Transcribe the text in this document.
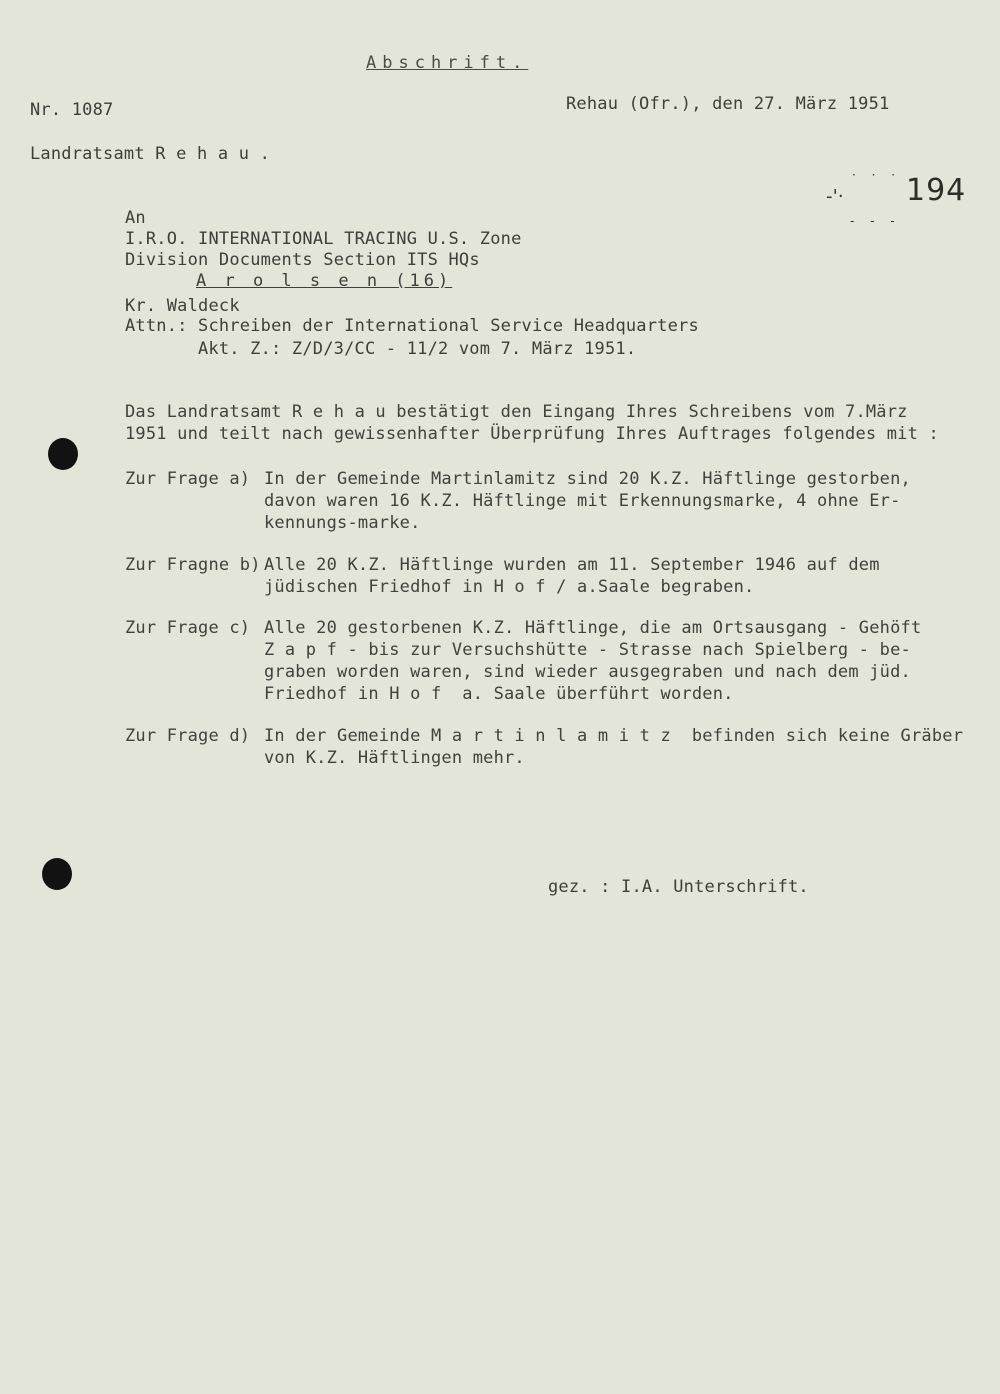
Abschrift.
Nr. 1087	Rehau (Ofr.), den 27. März 1951
Landratsamt R e h a u .
-'·
· · ·
- - -
194
An
I.R.O. INTERNATIONAL TRACING U.S. Zone
Division Documents Section ITS HQs
A r o l s e n (16)
Kr. Waldeck
Attn.: Schreiben der International Service Headquarters
Akt. Z.: Z/D/3/CC - 11/2 vom 7. März 1951.
Das Landratsamt R e h a u bestätigt den Eingang Ihres Schreibens vom 7.März
1951 und teilt nach gewissenhafter Überprüfung Ihres Auftrages folgendes mit :
Zur Frage a) In der Gemeinde Martinlamitz sind 20 K.Z. Häftlinge gestorben,
davon waren 16 K.Z. Häftlinge mit Erkennungsmarke, 4 ohne Er-
kennungs-marke.
Zur Fragne b) Alle 20 K.Z. Häftlinge wurden am 11. September 1946 auf dem
jüdischen Friedhof in H o f / a.Saale begraben.
Zur Frage c) Alle 20 gestorbenen K.Z. Häftlinge, die am Ortsausgang - Gehöft
Z a p f - bis zur Versuchshütte - Strasse nach Spielberg - be-
graben worden waren, sind wieder ausgegraben und nach dem jüd.
Friedhof in H o f  a. Saale überführt worden.
Zur Frage d) In der Gemeinde M a r t i n l a m i t z  befinden sich keine Gräber
von K.Z. Häftlingen mehr.
gez. : I.A. Unterschrift.
